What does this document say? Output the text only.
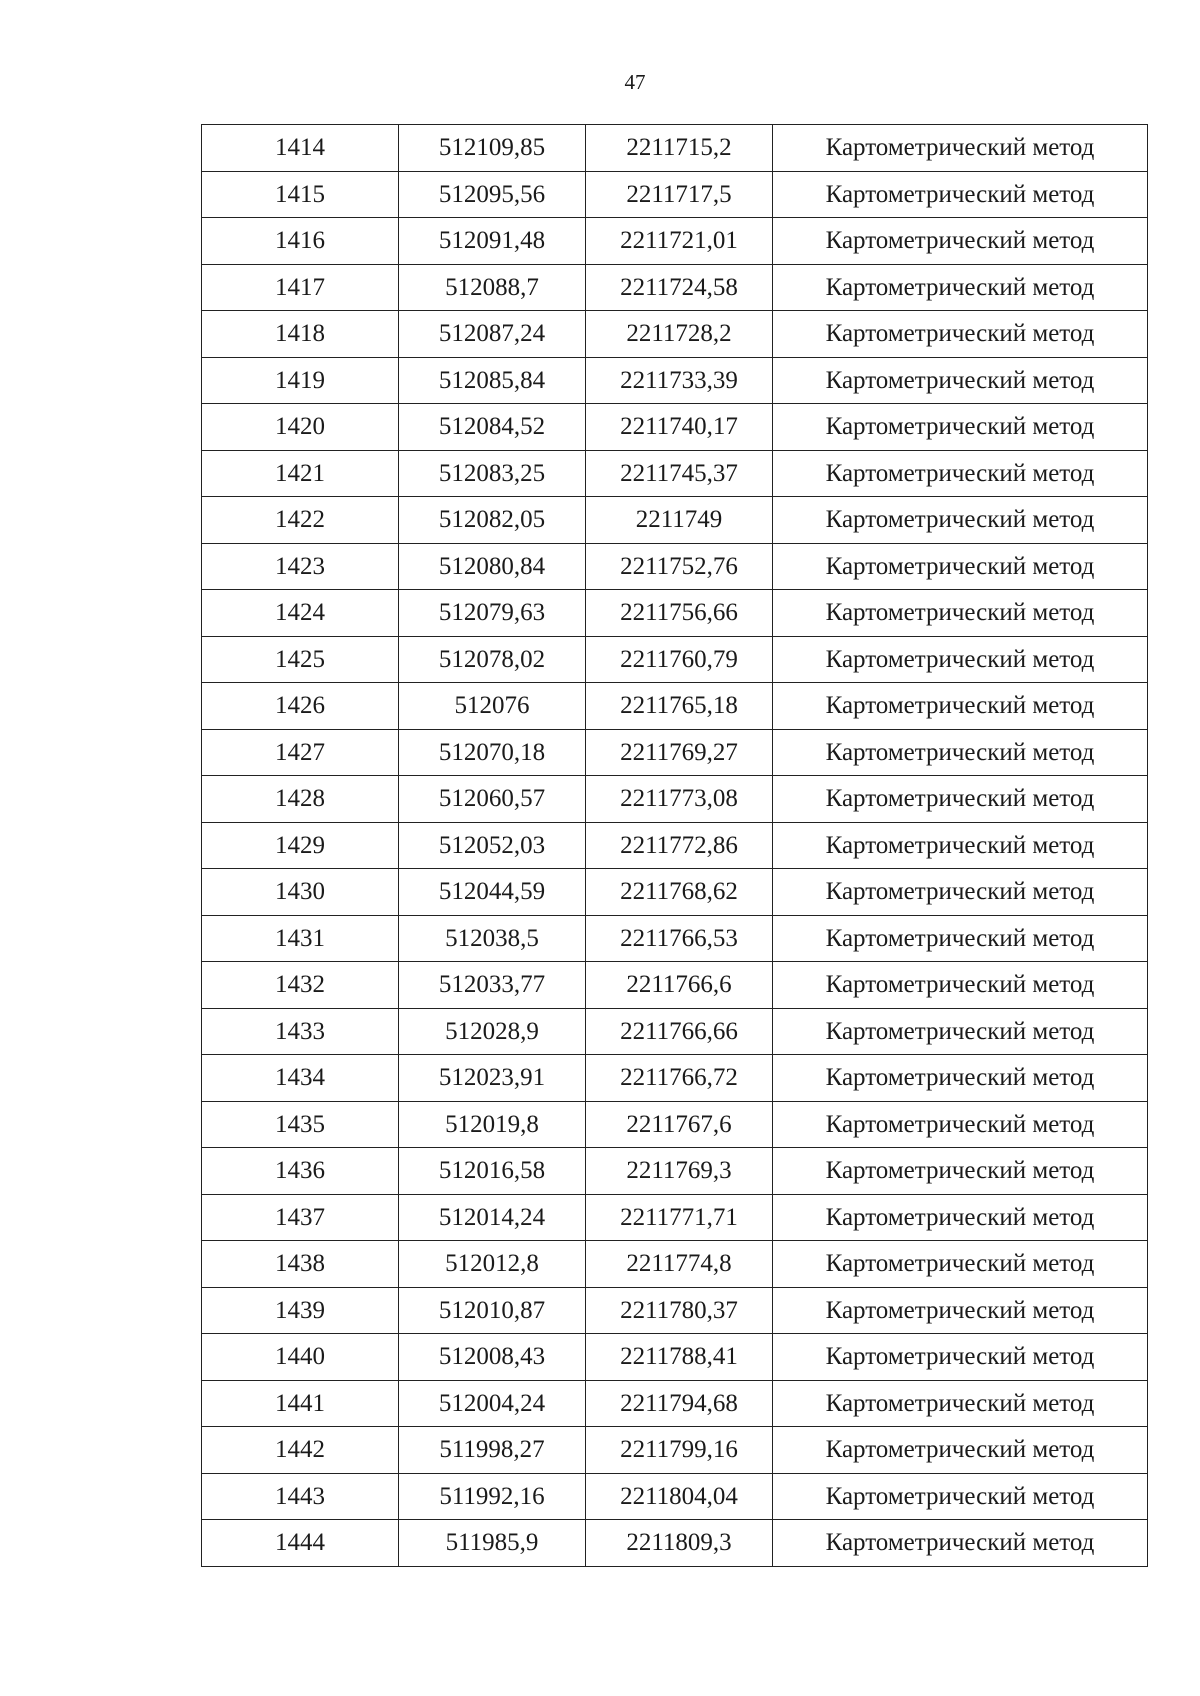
47
1414	512109,85	2211715,2	Картометрический метод
1415	512095,56	2211717,5	Картометрический метод
1416	512091,48	2211721,01	Картометрический метод
1417	512088,7	2211724,58	Картометрический метод
1418	512087,24	2211728,2	Картометрический метод
1419	512085,84	2211733,39	Картометрический метод
1420	512084,52	2211740,17	Картометрический метод
1421	512083,25	2211745,37	Картометрический метод
1422	512082,05	2211749	Картометрический метод
1423	512080,84	2211752,76	Картометрический метод
1424	512079,63	2211756,66	Картометрический метод
1425	512078,02	2211760,79	Картометрический метод
1426	512076	2211765,18	Картометрический метод
1427	512070,18	2211769,27	Картометрический метод
1428	512060,57	2211773,08	Картометрический метод
1429	512052,03	2211772,86	Картометрический метод
1430	512044,59	2211768,62	Картометрический метод
1431	512038,5	2211766,53	Картометрический метод
1432	512033,77	2211766,6	Картометрический метод
1433	512028,9	2211766,66	Картометрический метод
1434	512023,91	2211766,72	Картометрический метод
1435	512019,8	2211767,6	Картометрический метод
1436	512016,58	2211769,3	Картометрический метод
1437	512014,24	2211771,71	Картометрический метод
1438	512012,8	2211774,8	Картометрический метод
1439	512010,87	2211780,37	Картометрический метод
1440	512008,43	2211788,41	Картометрический метод
1441	512004,24	2211794,68	Картометрический метод
1442	511998,27	2211799,16	Картометрический метод
1443	511992,16	2211804,04	Картометрический метод
1444	511985,9	2211809,3	Картометрический метод
